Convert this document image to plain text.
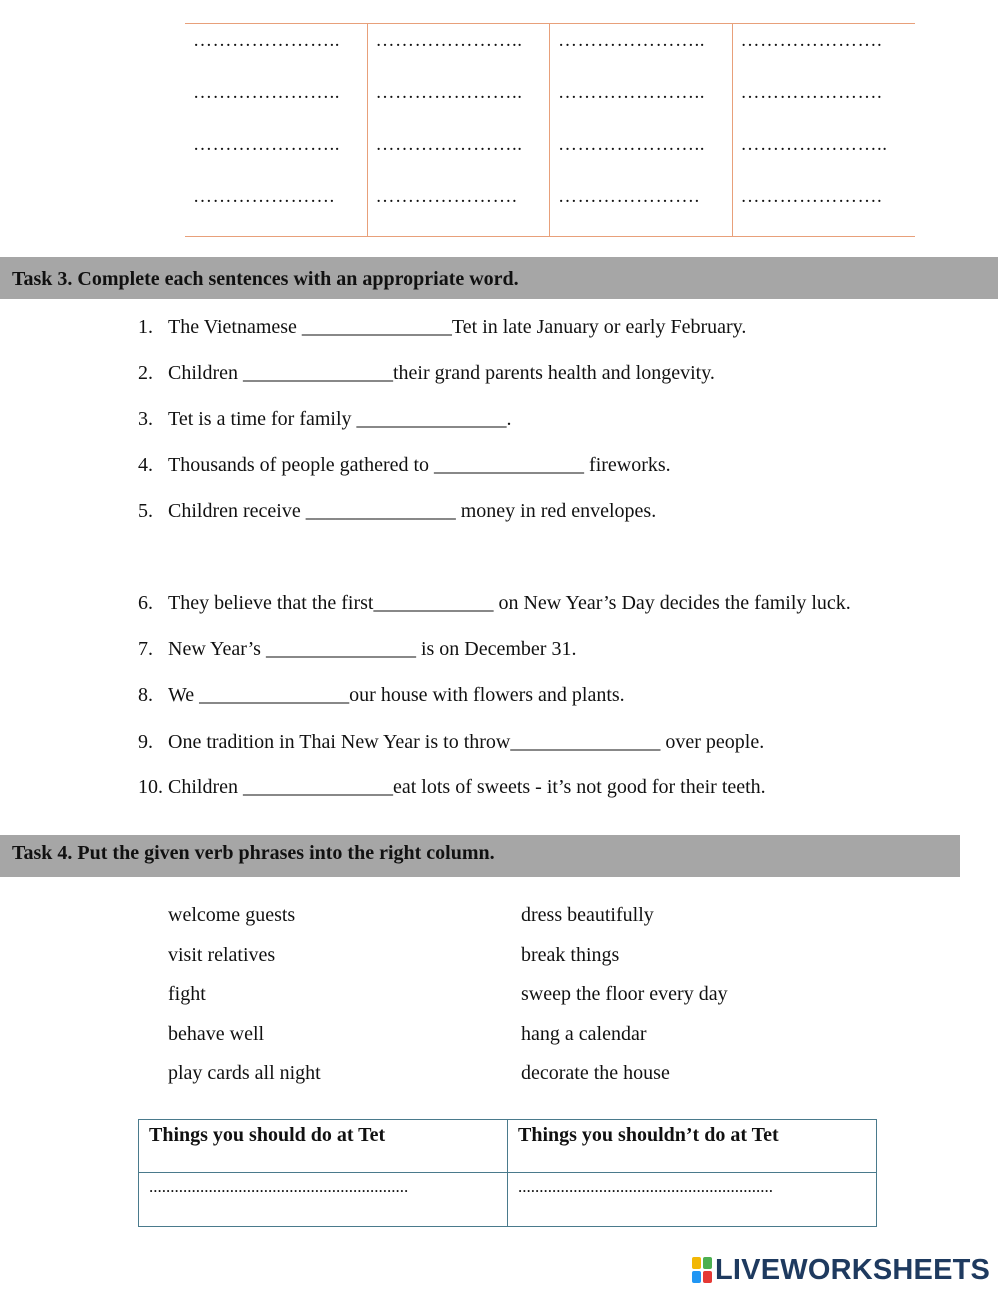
…………………..
…………………..
…………………..
………………….
…………………..
…………………..
…………………..
………………….
…………………..
…………………..
…………………..
………………….
………………….
………………….
…………………..
………………….
Task 3. Complete each sentences with an appropriate word.
1. The Vietnamese _______________Tet in late January or early February.
2. Children _______________their grand parents health and longevity.
3. Tet is a time for family _______________.
4. Thousands of people gathered to _______________ fireworks.
5. Children receive _______________ money in red envelopes.
6. They believe that the first____________ on New Year’s Day decides the family luck.
7. New Year’s _______________ is on December 31.
8. We _______________our house with flowers and plants.
9. One tradition in Thai New Year is to throw_______________ over people.
10. Children _______________eat lots of sweets - it’s not good for their teeth.
Task 4. Put the given verb phrases into the right column.
welcome guests
visit relatives
fight
behave well
play cards all night
dress beautifully
break things
sweep the floor every day
hang a calendar
decorate the house
Things you should do at Tet	Things you shouldn’t do at Tet
.............................................................	............................................................
LIVEWORKSHEETS
